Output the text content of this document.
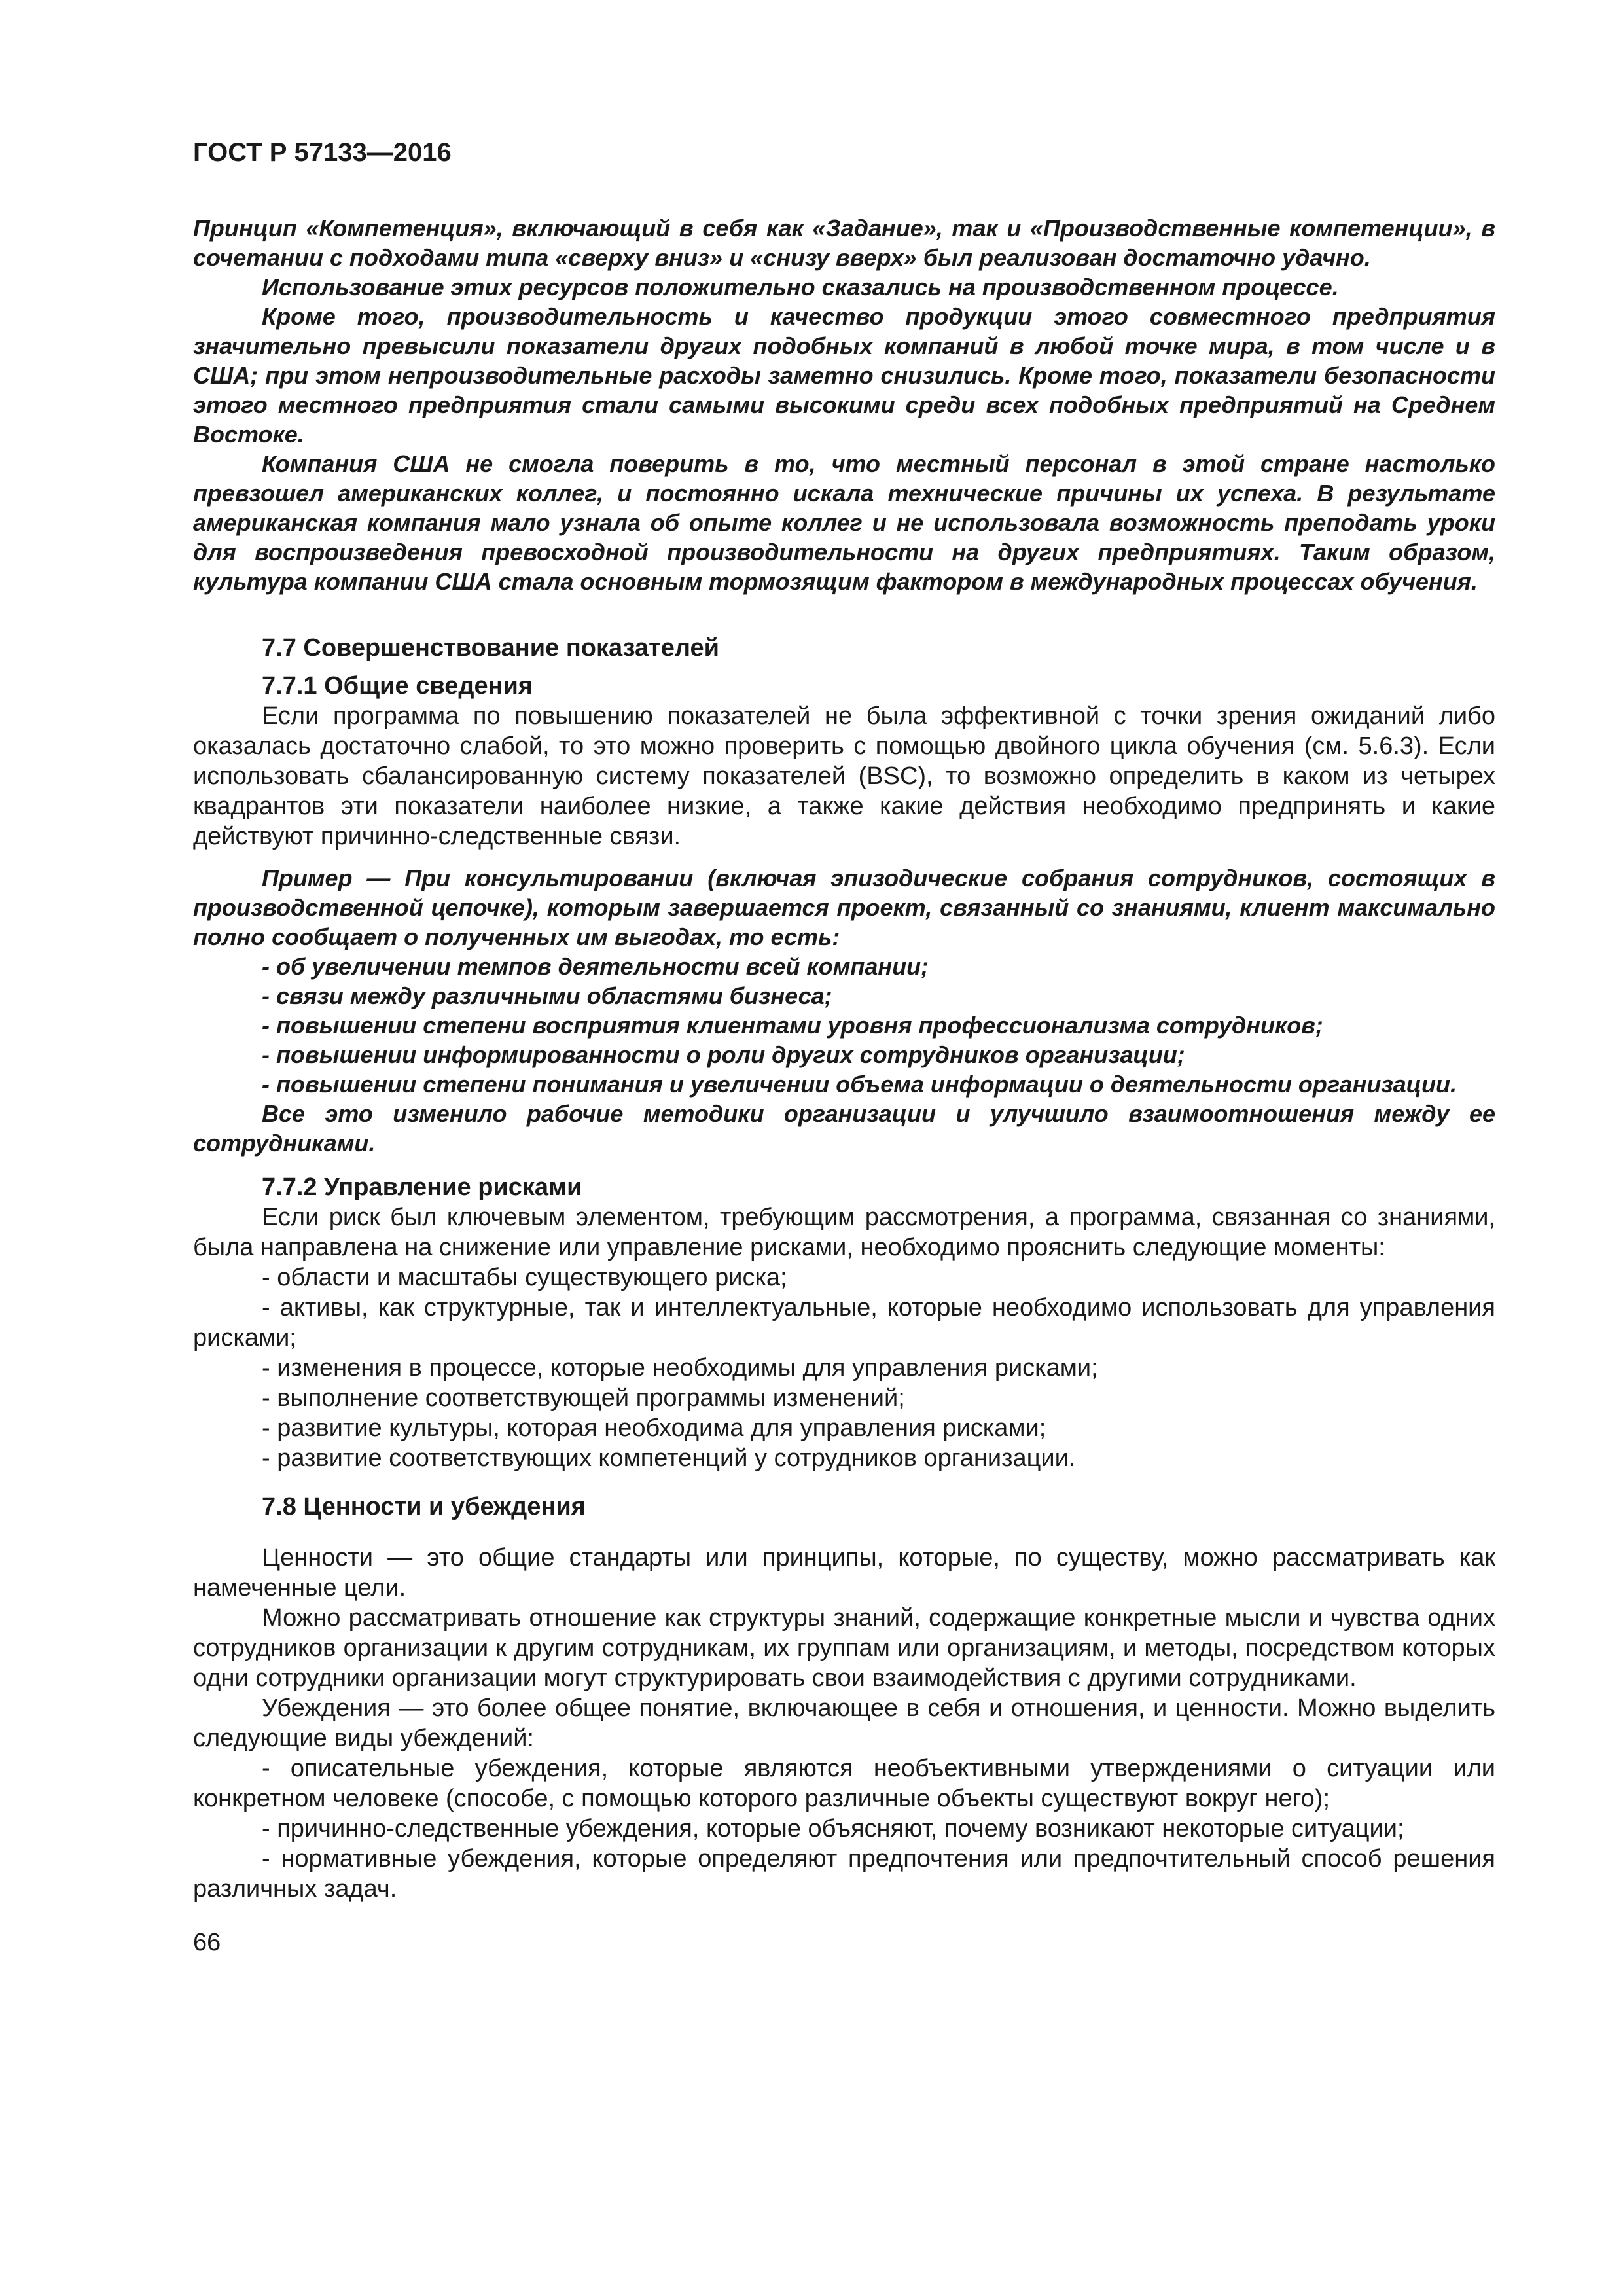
ГОСТ Р 57133—2016

Принцип «Компетенция», включающий в себя как «Задание», так и «Производственные компетенции», в сочетании с подходами типа «сверху вниз» и «снизу вверх» был реализован достаточно удачно.

Использование этих ресурсов положительно сказались на производственном процессе.

Кроме того, производительность и качество продукции этого совместного предприятия значительно превысили показатели других подобных компаний в любой точке мира, в том числе и в США; при этом непроизводительные расходы заметно снизились. Кроме того, показатели безопасности этого местного предприятия стали самыми высокими среди всех подобных предприятий на Среднем Востоке.

Компания США не смогла поверить в то, что местный персонал в этой стране настолько превзошел американских коллег, и постоянно искала технические причины их успеха. В результате американская компания мало узнала об опыте коллег и не использовала возможность преподать уроки для воспроизведения превосходной производительности на других предприятиях. Таким образом, культура компании США стала основным тормозящим фактором в международных процессах обучения.

7.7 Совершенствование показателей
7.7.1 Общие сведения

Если программа по повышению показателей не была эффективной с точки зрения ожиданий либо оказалась достаточно слабой, то это можно проверить с помощью двойного цикла обучения (см. 5.6.3). Если использовать сбалансированную систему показателей (BSC), то возможно определить в каком из четырех квадрантов эти показатели наиболее низкие, а также какие действия необходимо предпринять и какие действуют причинно-следственные связи.

Пример — При консультировании (включая эпизодические собрания сотрудников, состоящих в производственной цепочке), которым завершается проект, связанный со знаниями, клиент максимально полно сообщает о полученных им выгодах, то есть:

- об увеличении темпов деятельности всей компании;

- связи между различными областями бизнеса;

- повышении степени восприятия клиентами уровня профессионализма сотрудников;

- повышении информированности о роли других сотрудников организации;

- повышении степени понимания и увеличении объема информации о деятельности организации.

Все это изменило рабочие методики организации и улучшило взаимоотношения между ее сотрудниками.

7.7.2 Управление рисками

Если риск был ключевым элементом, требующим рассмотрения, а программа, связанная со знаниями, была направлена на снижение или управление рисками, необходимо прояснить следующие моменты:

- области и масштабы существующего риска;

- активы, как структурные, так и интеллектуальные, которые необходимо использовать для управления рисками;

- изменения в процессе, которые необходимы для управления рисками;

- выполнение соответствующей программы изменений;

- развитие культуры, которая необходима для управления рисками;

- развитие соответствующих компетенций у сотрудников организации.

7.8 Ценности и убеждения

Ценности — это общие стандарты или принципы, которые, по существу, можно рассматривать как намеченные цели.

Можно рассматривать отношение как структуры знаний, содержащие конкретные мысли и чувства одних сотрудников организации к другим сотрудникам, их группам или организациям, и методы, посредством которых одни сотрудники организации могут структурировать свои взаимодействия с другими сотрудниками.

Убеждения — это более общее понятие, включающее в себя и отношения, и ценности. Можно выделить следующие виды убеждений:

- описательные убеждения, которые являются необъективными утверждениями о ситуации или конкретном человеке (способе, с помощью которого различные объекты существуют вокруг него);

- причинно-следственные убеждения, которые объясняют, почему возникают некоторые ситуации;

- нормативные убеждения, которые определяют предпочтения или предпочтительный способ решения различных задач.

66
